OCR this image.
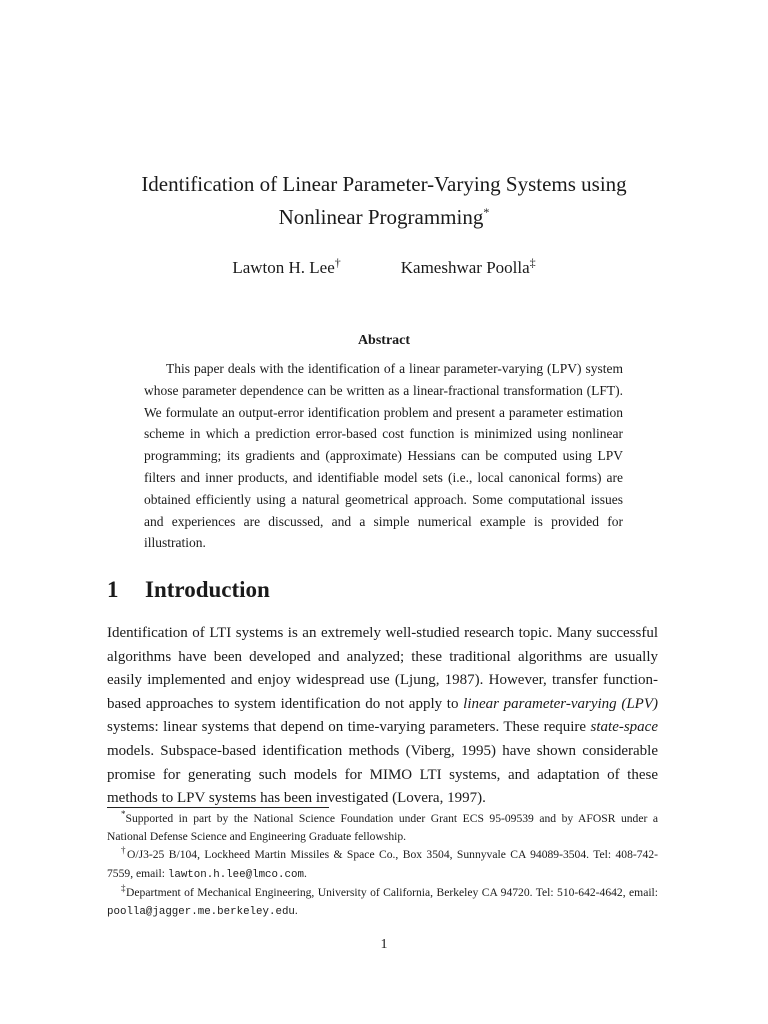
Identification of Linear Parameter-Varying Systems using
Nonlinear Programming*
Lawton H. Lee†	Kameshwar Poolla‡
Abstract

This paper deals with the identification of a linear parameter-varying (LPV) system whose parameter dependence can be written as a linear-fractional transformation (LFT). We formulate an output-error identification problem and present a parameter estimation scheme in which a prediction error-based cost function is minimized using nonlinear programming; its gradients and (approximate) Hessians can be computed using LPV filters and inner products, and identifiable model sets (i.e., local canonical forms) are obtained efficiently using a natural geometrical approach. Some computational issues and experiences are discussed, and a simple numerical example is provided for illustration.

1 Introduction

Identification of LTI systems is an extremely well-studied research topic. Many successful algorithms have been developed and analyzed; these traditional algorithms are usually easily implemented and enjoy widespread use (Ljung, 1987). However, transfer function-based approaches to system identification do not apply to linear parameter-varying (LPV) systems: linear systems that depend on time-varying parameters. These require state-space models. Subspace-based identification methods (Viberg, 1995) have shown considerable promise for generating such models for MIMO LTI systems, and adaptation of these methods to LPV systems has been investigated (Lovera, 1997).

*Supported in part by the National Science Foundation under Grant ECS 95-09539 and by AFOSR under a National Defense Science and Engineering Graduate fellowship.

†O/J3-25 B/104, Lockheed Martin Missiles & Space Co., Box 3504, Sunnyvale CA 94089-3504. Tel: 408-742-7559, email: lawton.h.lee@lmco.com.

‡Department of Mechanical Engineering, University of California, Berkeley CA 94720. Tel: 510-642-4642, email: poolla@jagger.me.berkeley.edu.

1
